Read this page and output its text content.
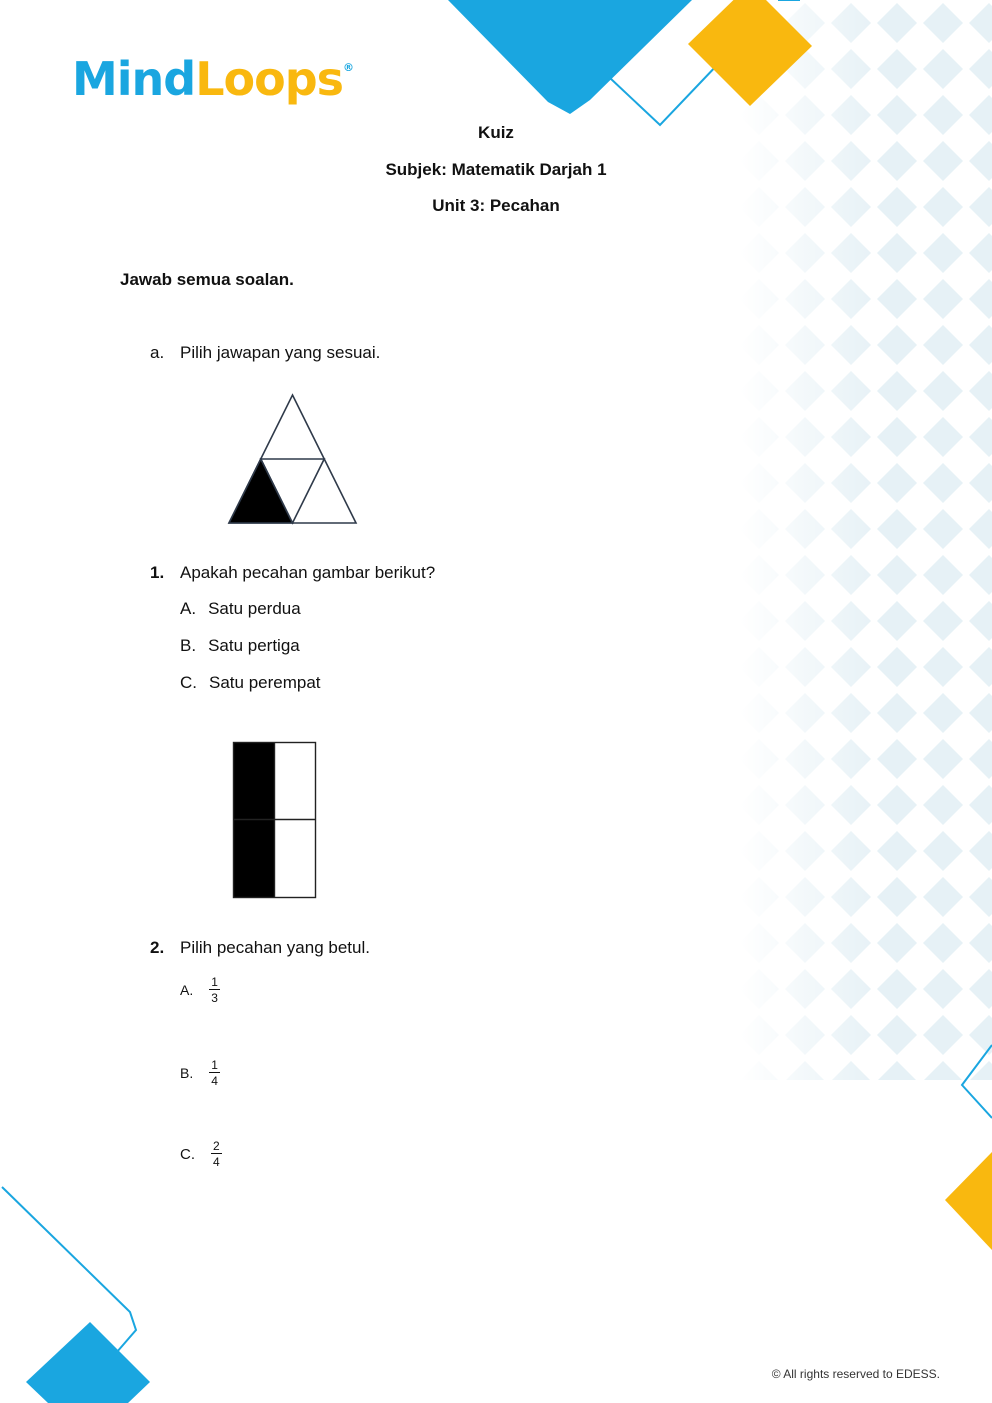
MindLoops®
Kuiz
Subjek: Matematik Darjah 1
Unit 3: Pecahan
Jawab semua soalan.
a. Pilih jawapan yang sesuai.
1. Apakah pecahan gambar berikut?
A. Satu perdua
B. Satu pertiga
C. Satu perempat
2. Pilih pecahan yang betul.
A. $\frac{1}{3}$
B. $\frac{1}{4}$
C. $\frac{2}{4}$
© All rights reserved to EDESS.
